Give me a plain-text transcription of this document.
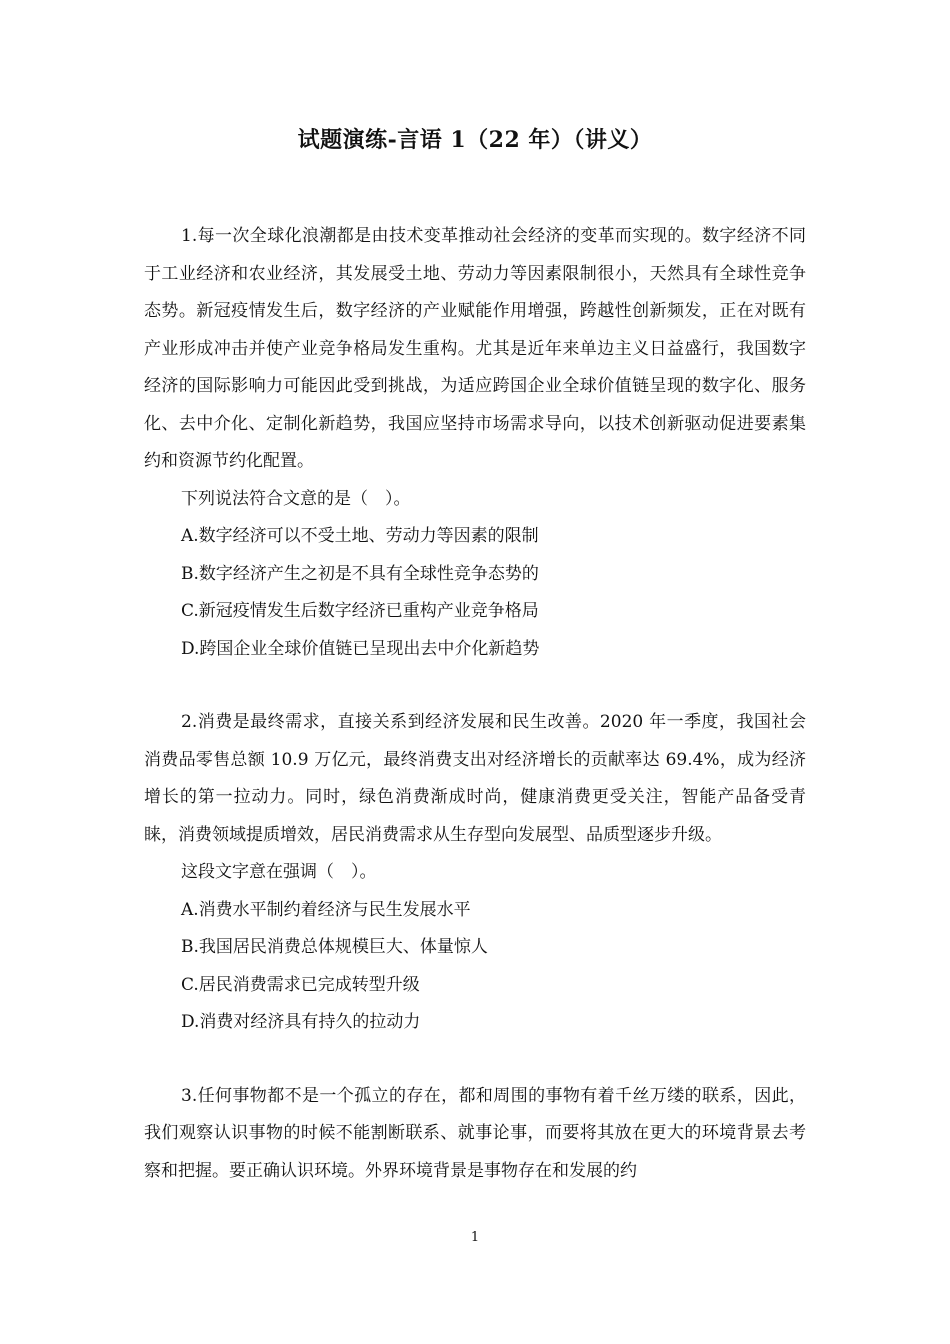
试题演练-言语 1（22 年）（讲义）

1.每一次全球化浪潮都是由技术变革推动社会经济的变革而实现的。数字经济不同于工业经济和农业经济，其发展受土地、劳动力等因素限制很小，天然具有全球性竞争态势。新冠疫情发生后，数字经济的产业赋能作用增强，跨越性创新频发，正在对既有产业形成冲击并使产业竞争格局发生重构。尤其是近年来单边主义日益盛行，我国数字经济的国际影响力可能因此受到挑战，为适应跨国企业全球价值链呈现的数字化、服务化、去中介化、定制化新趋势，我国应坚持市场需求导向，以技术创新驱动促进要素集约和资源节约化配置。

下列说法符合文意的是（　）。

A.数字经济可以不受土地、劳动力等因素的限制

B.数字经济产生之初是不具有全球性竞争态势的

C.新冠疫情发生后数字经济已重构产业竞争格局

D.跨国企业全球价值链已呈现出去中介化新趋势

2.消费是最终需求，直接关系到经济发展和民生改善。2020 年一季度，我国社会消费品零售总额 10.9 万亿元，最终消费支出对经济增长的贡献率达 69.4%，成为经济增长的第一拉动力。同时，绿色消费渐成时尚，健康消费更受关注，智能产品备受青睐，消费领域提质增效，居民消费需求从生存型向发展型、品质型逐步升级。

这段文字意在强调（　）。

A.消费水平制约着经济与民生发展水平

B.我国居民消费总体规模巨大、体量惊人

C.居民消费需求已完成转型升级

D.消费对经济具有持久的拉动力

3.任何事物都不是一个孤立的存在，都和周围的事物有着千丝万缕的联系，因此，我们观察认识事物的时候不能割断联系、就事论事，而要将其放在更大的环境背景去考察和把握。要正确认识环境。外界环境背景是事物存在和发展的约

1
